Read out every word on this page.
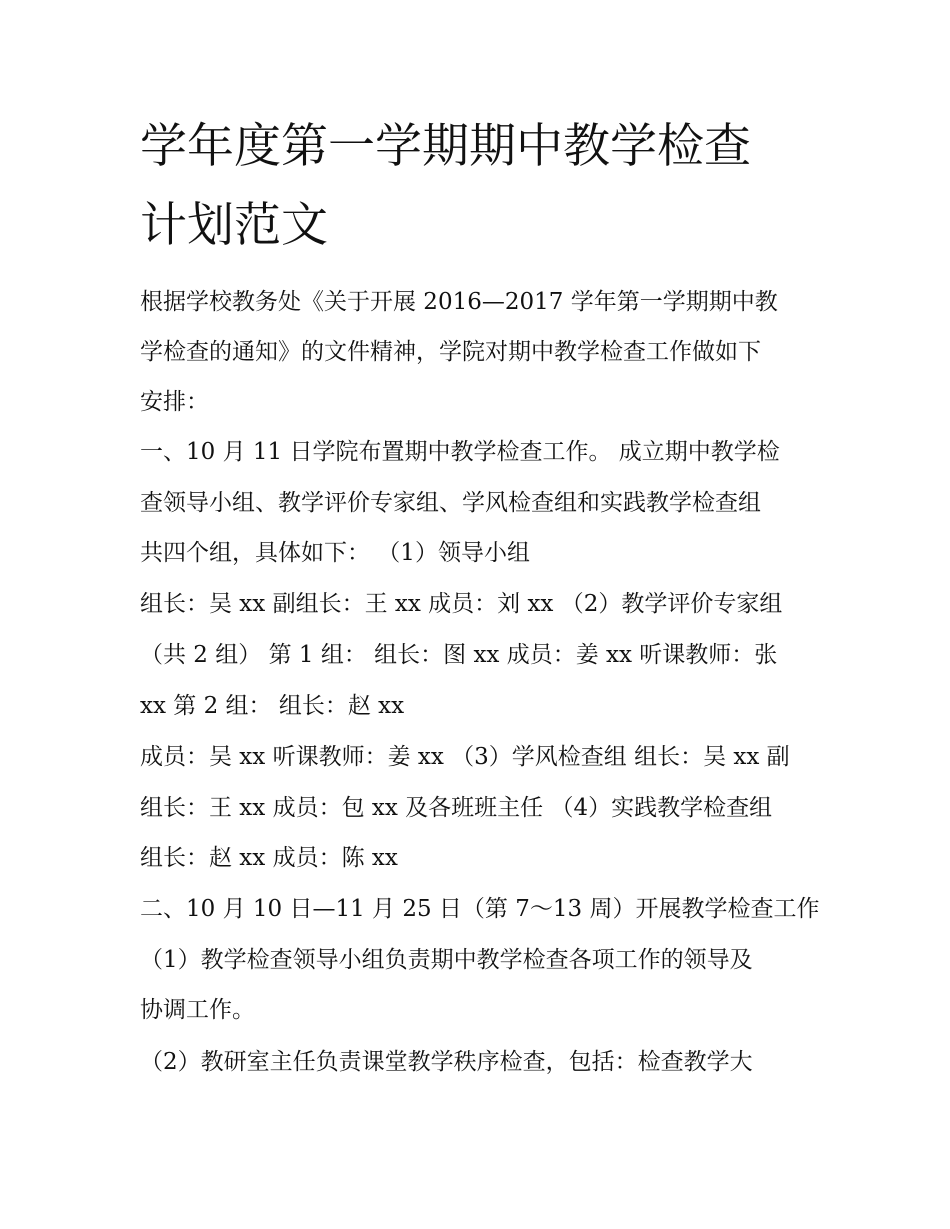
学年度第一学期期中教学检查
计划范文
根据学校教务处《关于开展 2016—2017 学年第一学期期中教
学检查的通知》的文件精神，学院对期中教学检查工作做如下
安排：
一、10 月 11 日学院布置期中教学检查工作。 成立期中教学检
查领导小组、教学评价专家组、学风检查组和实践教学检查组
共四个组，具体如下： （1）领导小组
组长：吴 xx 副组长：王 xx 成员：刘 xx （2）教学评价专家组
（共 2 组） 第 1 组： 组长：图 xx 成员：姜 xx 听课教师：张
xx 第 2 组： 组长：赵 xx
成员：吴 xx 听课教师：姜 xx （3）学风检查组 组长：吴 xx 副
组长：王 xx 成员：包 xx 及各班班主任 （4）实践教学检查组
组长：赵 xx 成员：陈 xx
二、10 月 10 日—11 月 25 日（第 7～13 周）开展教学检查工作
（1）教学检查领导小组负责期中教学检查各项工作的领导及
协调工作。
（2）教研室主任负责课堂教学秩序检查，包括：检查教学大
